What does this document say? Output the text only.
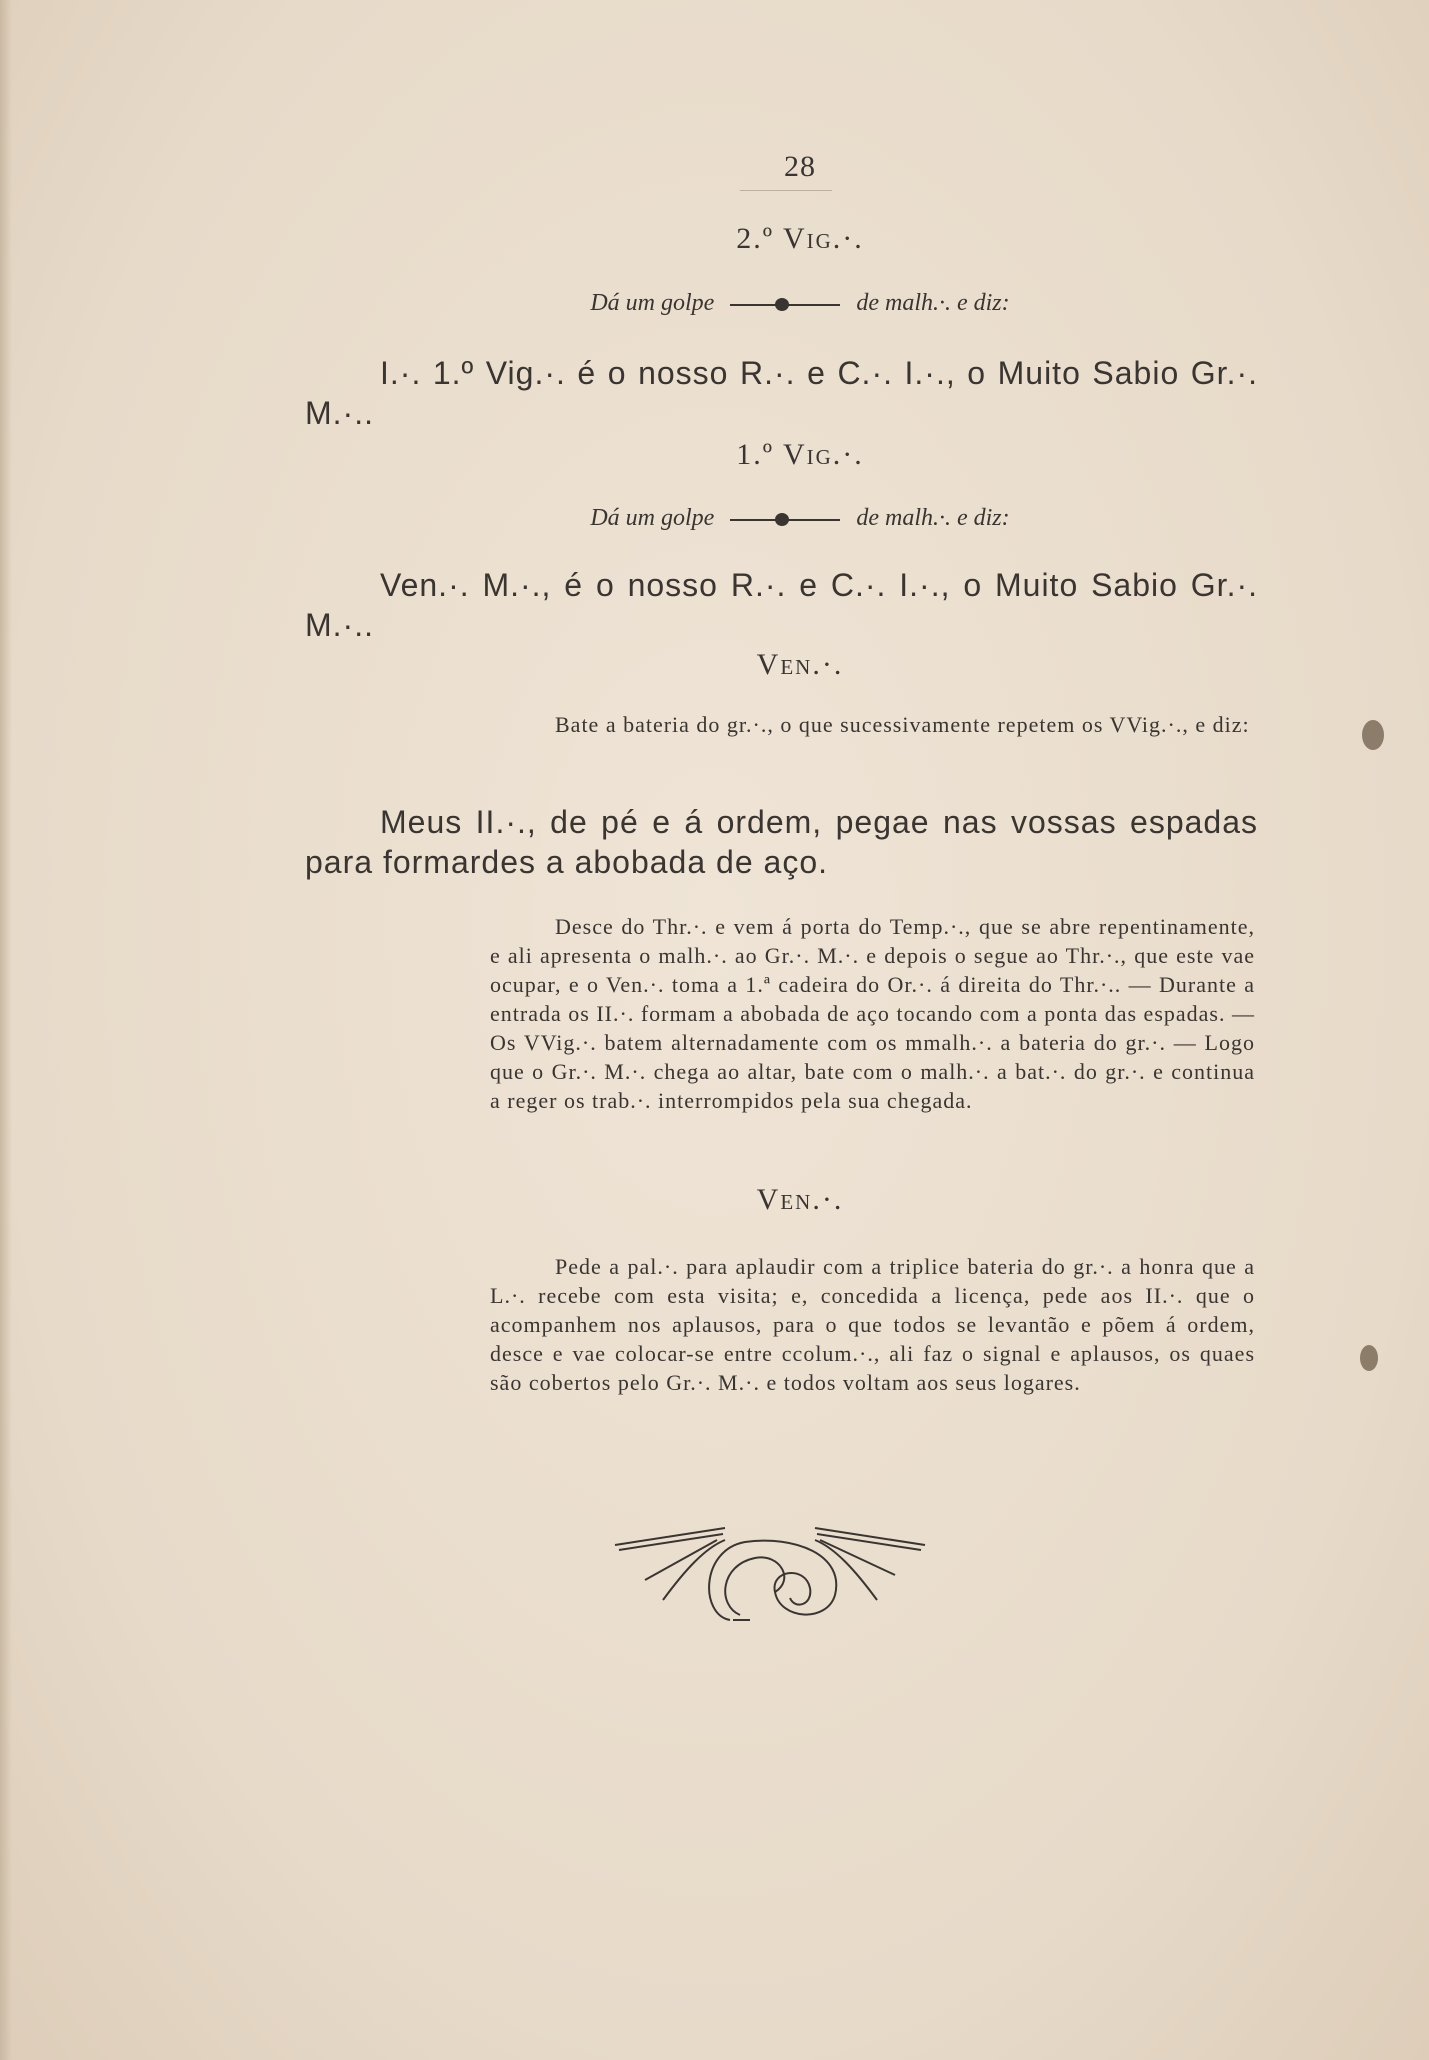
28
2.º Vig.·.
Dá um golpe	de malh.·. e diz:
I.·. 1.º Vig.·. é o nosso R.·. e C.·. I.·., o Muito Sabio Gr.·. M.·..
1.º Vig.·.
Dá um golpe	de malh.·. e diz:
Ven.·. M.·., é o nosso R.·. e C.·. I.·., o Muito Sabio Gr.·. M.·..
Ven.·.
Bate a bateria do gr.·., o que sucessivamente repetem os VVig.·., e diz:
Meus II.·., de pé e á ordem, pegae nas vossas espadas para formardes a abobada de aço.
Desce do Thr.·. e vem á porta do Temp.·., que se abre repentinamente, e ali apresenta o malh.·. ao Gr.·. M.·. e depois o segue ao Thr.·., que este vae ocupar, e o Ven.·. toma a 1.ª cadeira do Or.·. á direita do Thr.·.. — Durante a entrada os II.·. formam a abobada de aço tocando com a ponta das espadas. — Os VVig.·. batem alternadamente com os mmalh.·. a bateria do gr.·. — Logo que o Gr.·. M.·. chega ao altar, bate com o malh.·. a bat.·. do gr.·. e continua a reger os trab.·. interrompidos pela sua chegada.
Ven.·.
Pede a pal.·. para aplaudir com a triplice bateria do gr.·. a honra que a L.·. recebe com esta visita; e, concedida a licença, pede aos II.·. que o acompanhem nos aplausos, para o que todos se levantão e põem á ordem, desce e vae colocar-se entre ccolum.·., ali faz o signal e aplausos, os quaes são cobertos pelo Gr.·. M.·. e todos voltam aos seus logares.
